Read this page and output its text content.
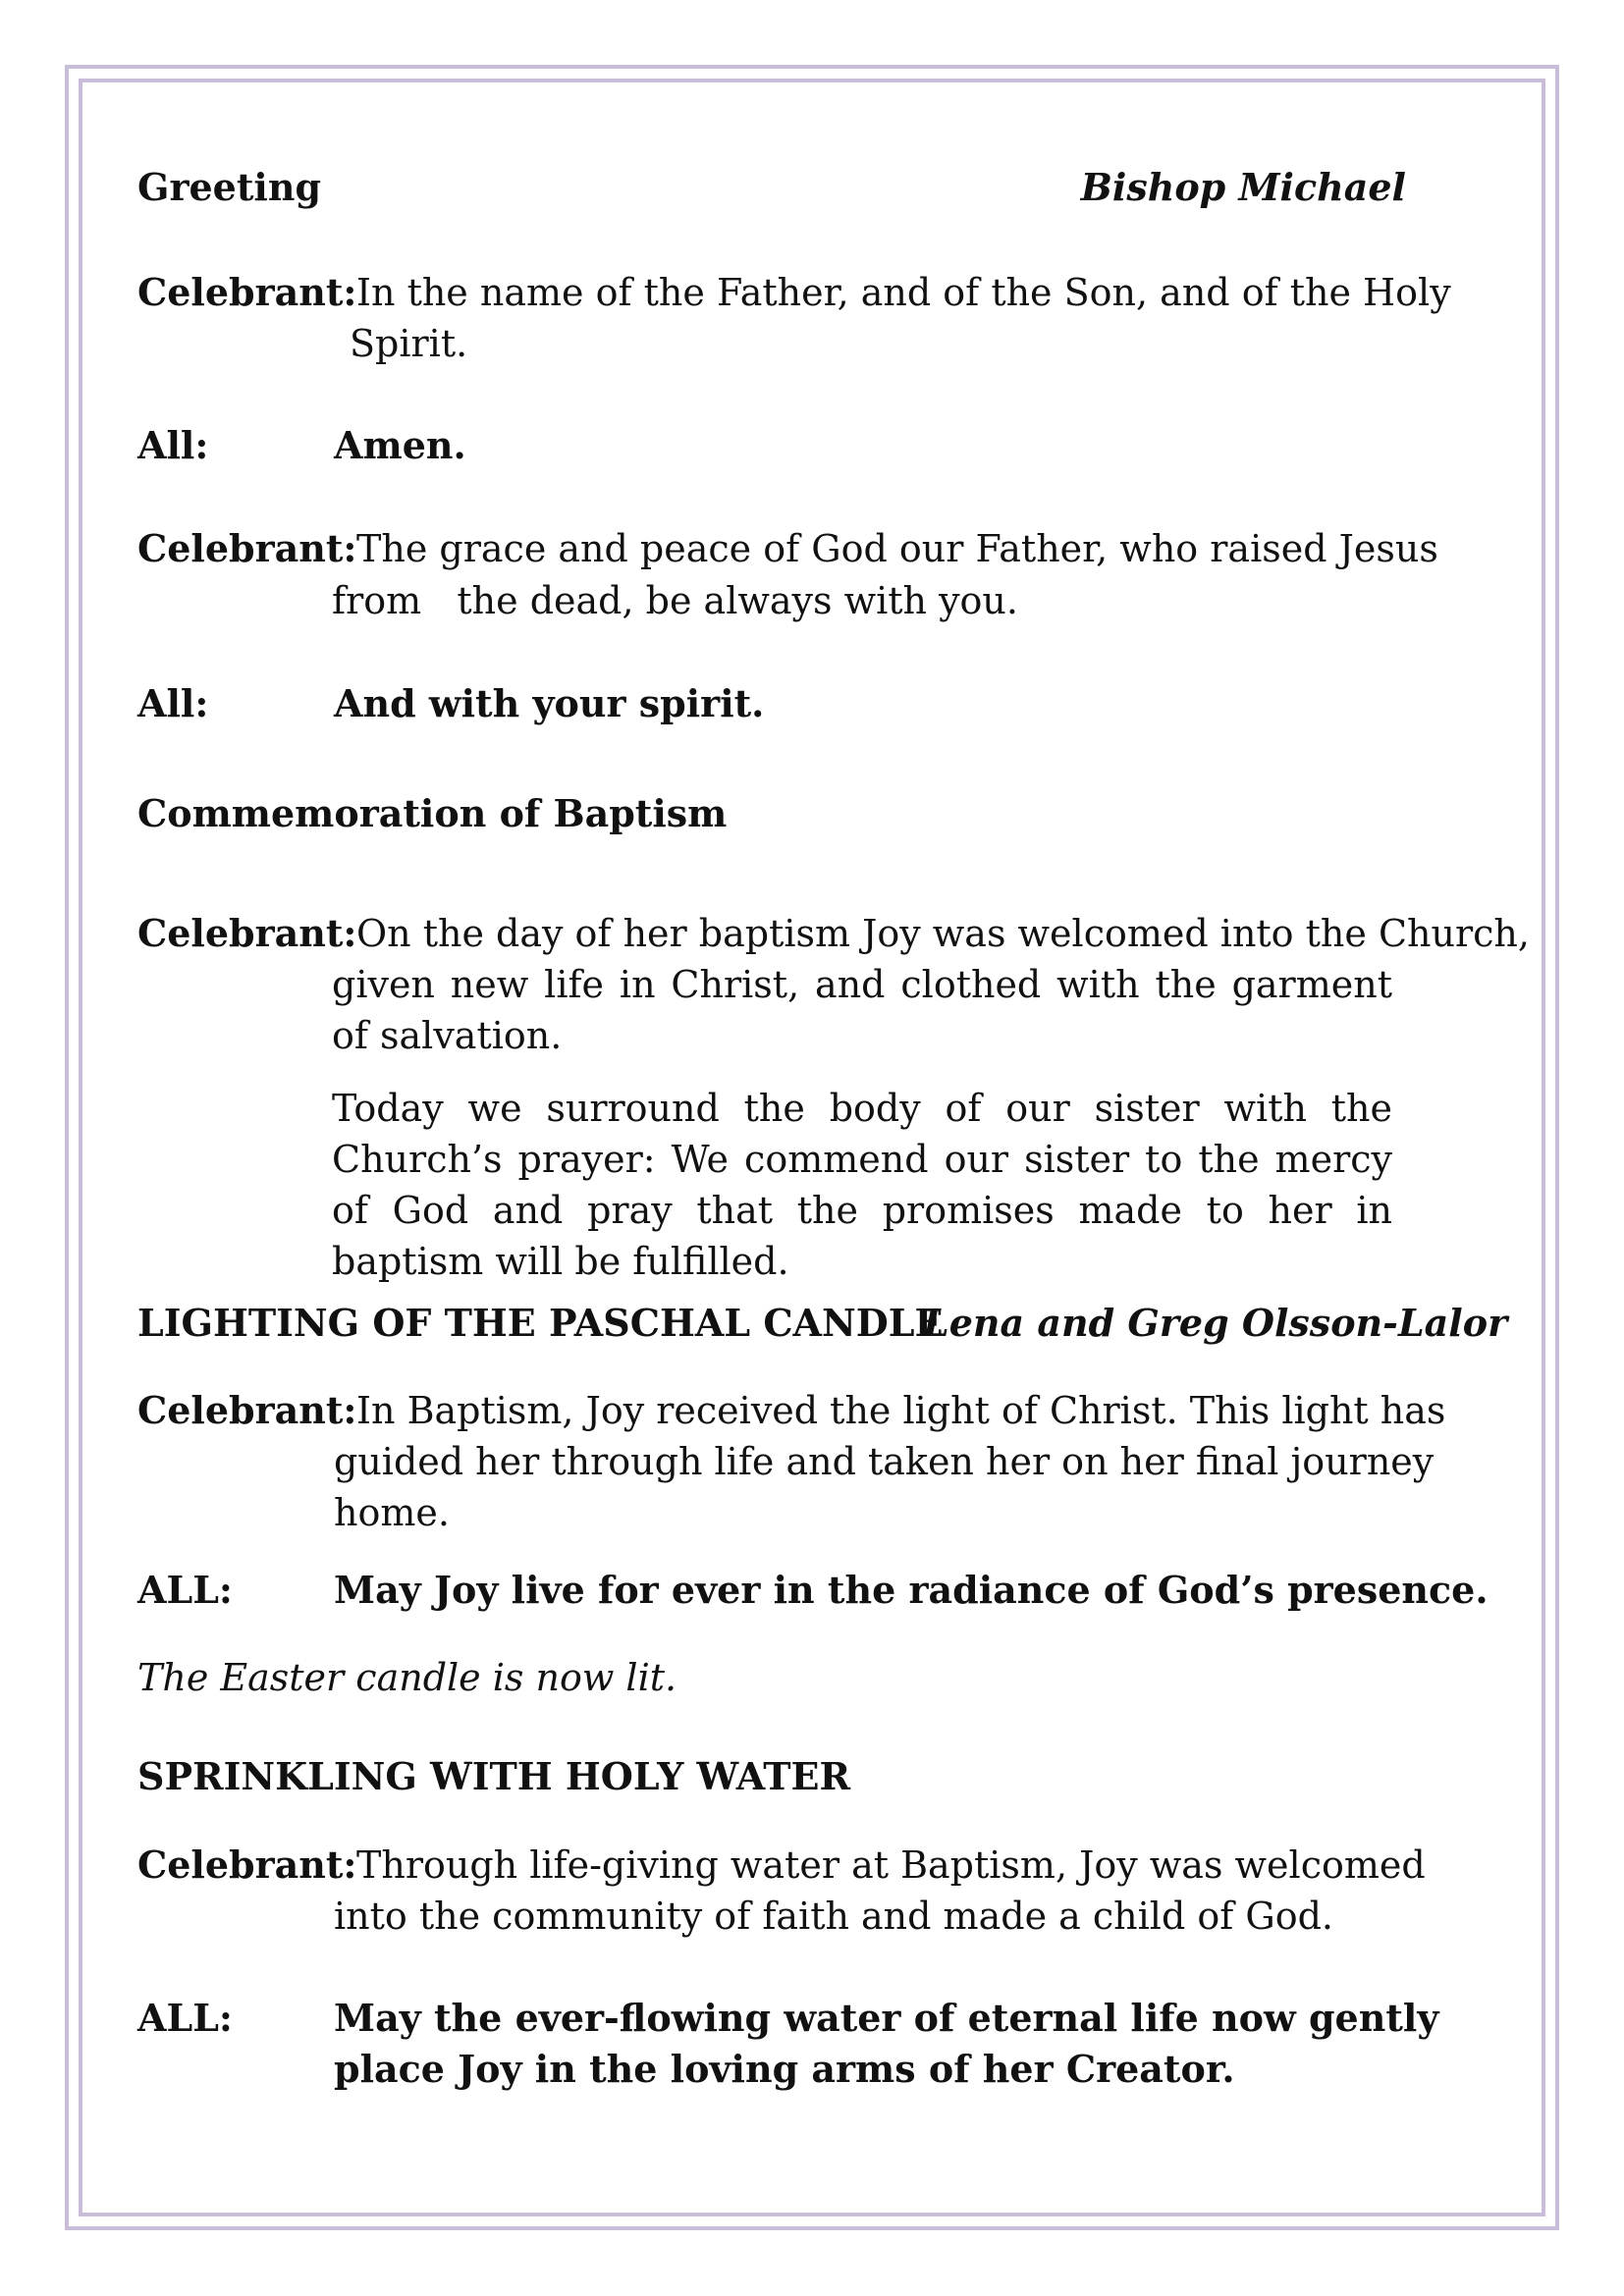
Greeting	Bishop Michael
Celebrant: In the name of the Father, and of the Son, and of the Holy
Spirit.
All:	Amen.
Celebrant: The grace and peace of God our Father, who raised Jesus
from   the dead, be always with you.
All:	And with your spirit.
Commemoration of Baptism
Celebrant: On the day of her baptism Joy was welcomed into the Church,
given new life in Christ, and clothed with the garment of salvation.
Today we surround the body of our sister with the Church’s prayer: We commend our sister to the mercy of God and pray that the promises made to her in baptism will be fulfilled.
LIGHTING OF THE PASCHAL CANDLE
Lena and Greg Olsson-Lalor
Celebrant: In Baptism, Joy received the light of Christ. This light has
guided her through life and taken her on her final journey
home.
ALL:	May Joy live for ever in the radiance of God’s presence.
The Easter candle is now lit.
SPRINKLING WITH HOLY WATER
Celebrant: Through life-giving water at Baptism, Joy was welcomed
into the community of faith and made a child of God.
ALL:	May the ever-flowing water of eternal life now gently
place Joy in the loving arms of her Creator.
